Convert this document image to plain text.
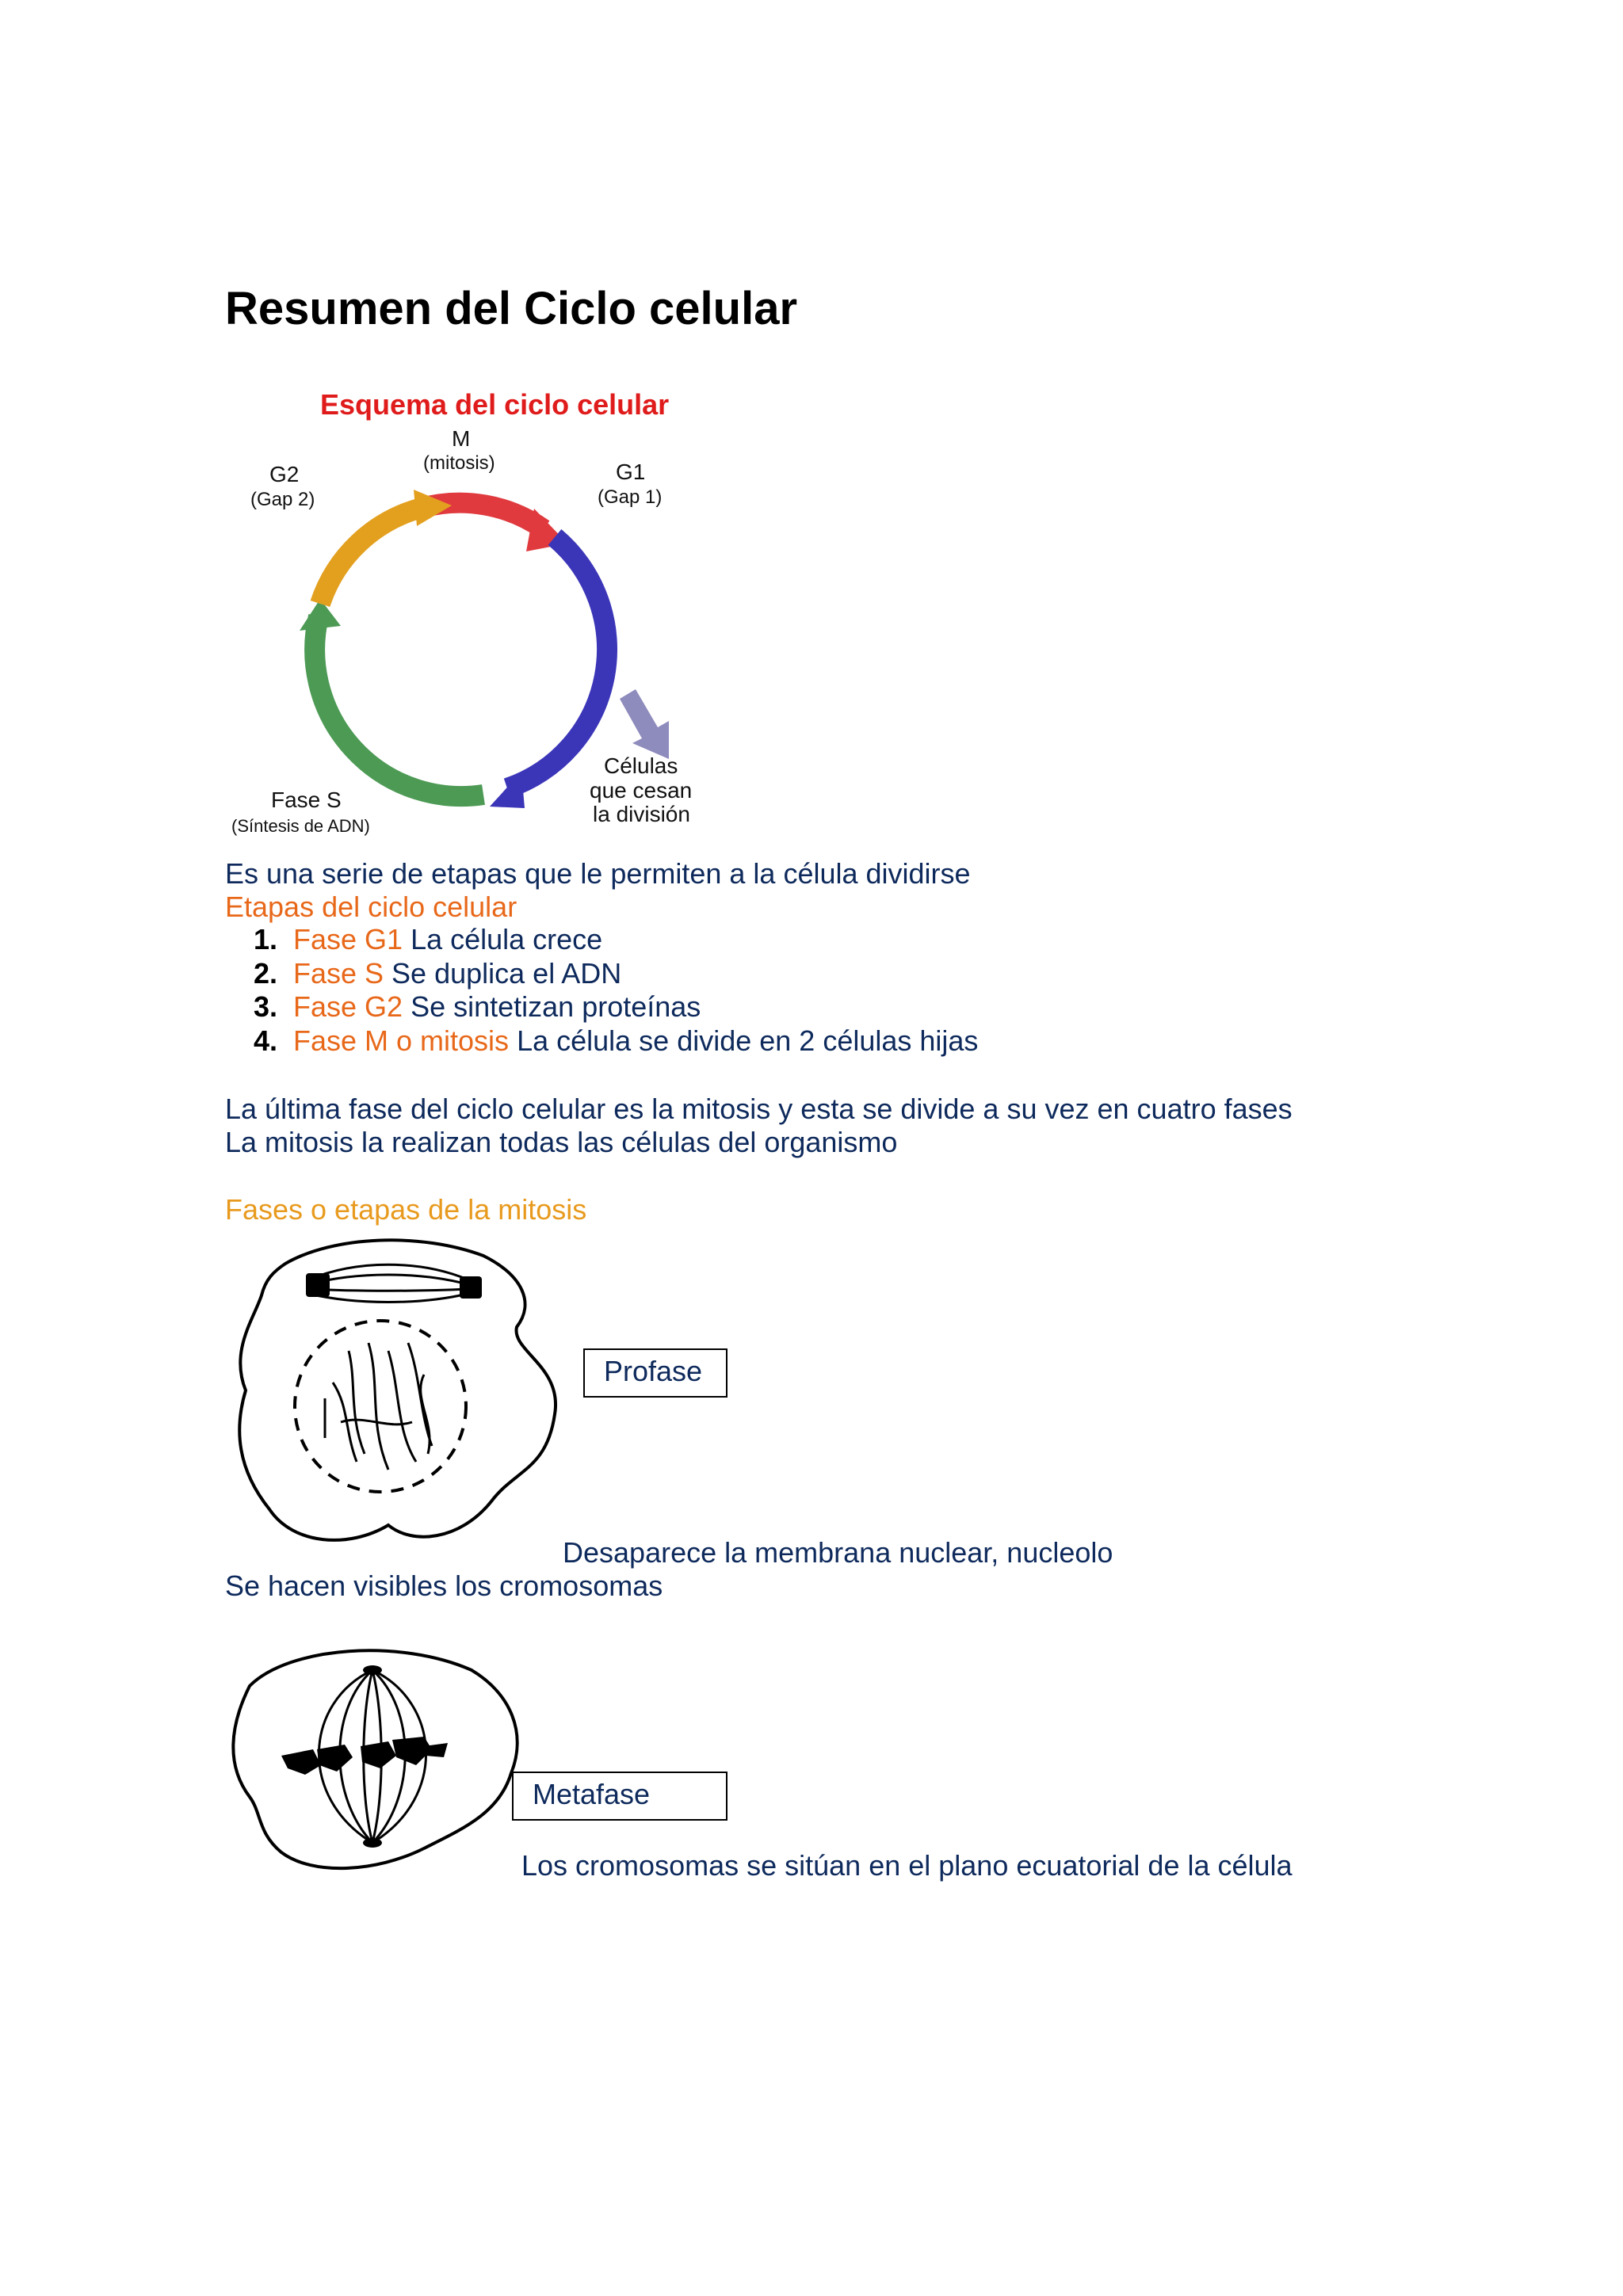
Resumen del Ciclo celular
Esquema del ciclo celular
M
(mitosis)	G1
(Gap 1)
G2
(Gap 2)
Fase S
(Síntesis de ADN)
Células
que cesan
la división
Es una serie de etapas que le permiten a la célula dividirse
Etapas del ciclo celular
1. Fase G1 La célula crece
2. Fase S Se duplica el ADN
3. Fase G2 Se sintetizan proteínas
4. Fase M o mitosis La célula se divide en 2 células hijas
La última fase del ciclo celular es la mitosis y esta se divide a su vez en cuatro fases
La mitosis la realizan todas las células del organismo
Fases o etapas de la mitosis
Profase
Desaparece la membrana nuclear, nucleolo
Se hacen visibles los cromosomas
Metafase
Los cromosomas se sitúan en el plano ecuatorial de la célula
